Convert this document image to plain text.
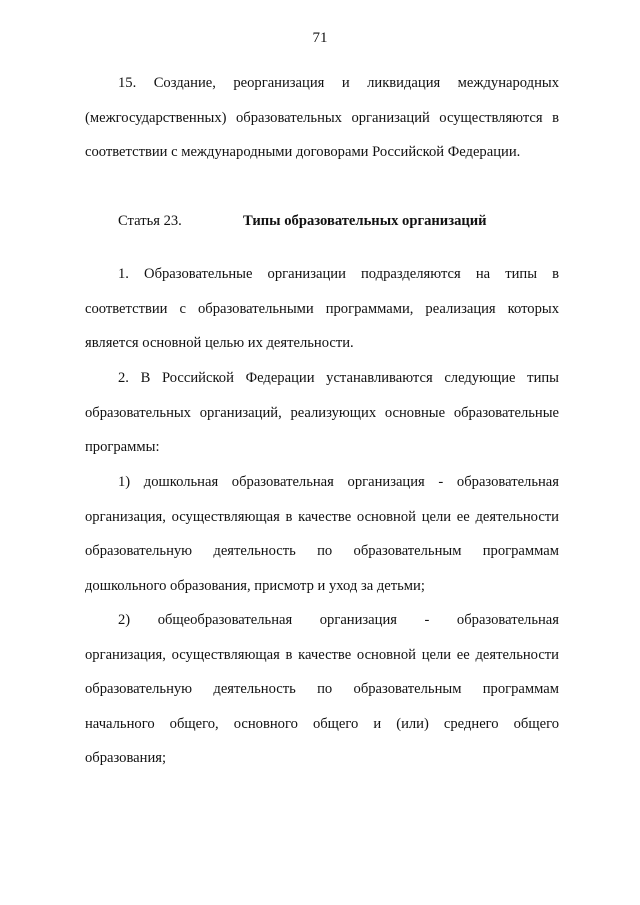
71
15. Создание, реорганизация и ликвидация международных
(межгосударственных) образовательных организаций осуществляются в
соответствии с международными договорами Российской Федерации.
Статья 23.	Типы образовательных организаций
1. Образовательные организации подразделяются на типы в
соответствии с образовательными программами, реализация которых
является основной целью их деятельности.
2. В Российской Федерации устанавливаются следующие типы
образовательных организаций, реализующих основные образовательные
программы:
1) дошкольная образовательная организация - образовательная
организация, осуществляющая в качестве основной цели ее деятельности
образовательную деятельность по образовательным программам
дошкольного образования, присмотр и уход за детьми;
2) общеобразовательная организация - образовательная
организация, осуществляющая в качестве основной цели ее деятельности
образовательную деятельность по образовательным программам
начального общего, основного общего и (или) среднего общего
образования;
